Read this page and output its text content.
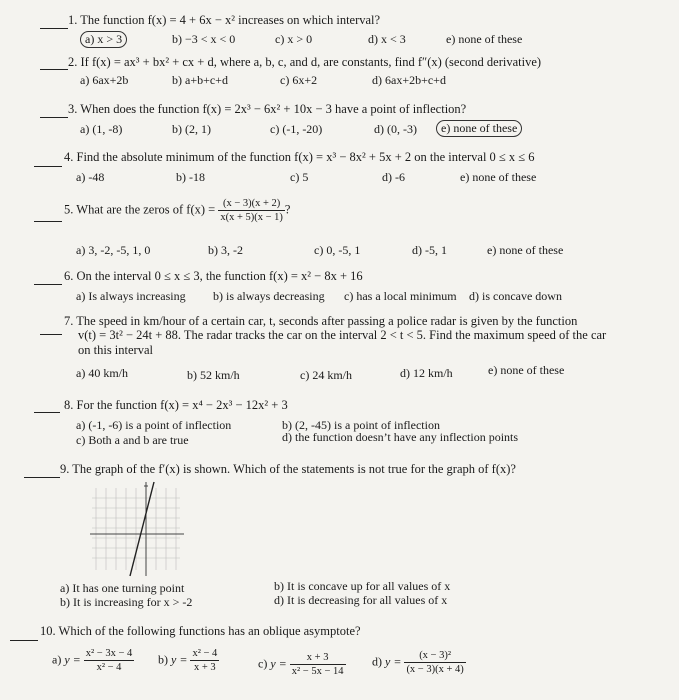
1. The function f(x) = 4 + 6x − x² increases on which interval?
a) x > 3	b) −3 < x < 0	c) x > 0	d) x < 3	e) none of these
2. If f(x) = ax³ + bx² + cx + d, where a, b, c, and d, are constants, find f″(x) (second derivative)
a) 6ax+2b	b) a+b+c+d	c) 6x+2	d) 6ax+2b+c+d
3. When does the function f(x) = 2x³ − 6x² + 10x − 3 have a point of inflection?
a) (1, -8)	b) (2, 1)	c) (-1, -20)	d) (0, -3)	e) none of these
4. Find the absolute minimum of the function f(x) = x³ − 8x² + 5x + 2 on the interval 0 ≤ x ≤ 6
a) -48	b) -18	c) 5	d) -6	e) none of these
5. What are the zeros of $f(x) = \frac{(x - 3)(x + 2)}{x(x + 5)(x - 1)}$ ?
a) 3, -2, -5, 1, 0	b) 3, -2	c) 0, -5, 1	d) -5, 1	e) none of these
6. On the interval 0 ≤ x ≤ 3, the function f(x) = x² − 8x + 16
a) Is always increasing b) is always decreasing c) has a local minimum d) is concave down
7. The speed in km/hour of a certain car, t, seconds after passing a police radar is given by the function
v(t) = 3t² − 24t + 88. The radar tracks the car on the interval 2 < t < 5. Find the maximum speed of the car
on this interval
a) 40 km/h	b) 52 km/h	c) 24 km/h	d) 12 km/h	e) none of these
8. For the function f(x) = x⁴ − 2x³ − 12x² + 3
a) (-1, -6) is a point of inflection	b) (2, -45) is a point of inflection
c) Both a and b are true	d) the function doesn’t have any inflection points
9. The graph of the f′(x) is shown. Which of the statements is not true for the graph of f(x)?
a) It has one turning point
b) It is increasing for x > -2
b) It is concave up for all values of x
d) It is decreasing for all values of x
10. Which of the following functions has an oblique asymptote?
a) $y = \frac{\text{x² − 3x − 4}}{\text{x² − 4}} b$) $y = \frac{\text{x² − 4}}{x + 3}$	c) $y = \frac{x + 3}{\text{x² − 5x − 14}} d$) $y = \frac{\text{(x − 3)²}}{(x - 3)(x + 4)}$
